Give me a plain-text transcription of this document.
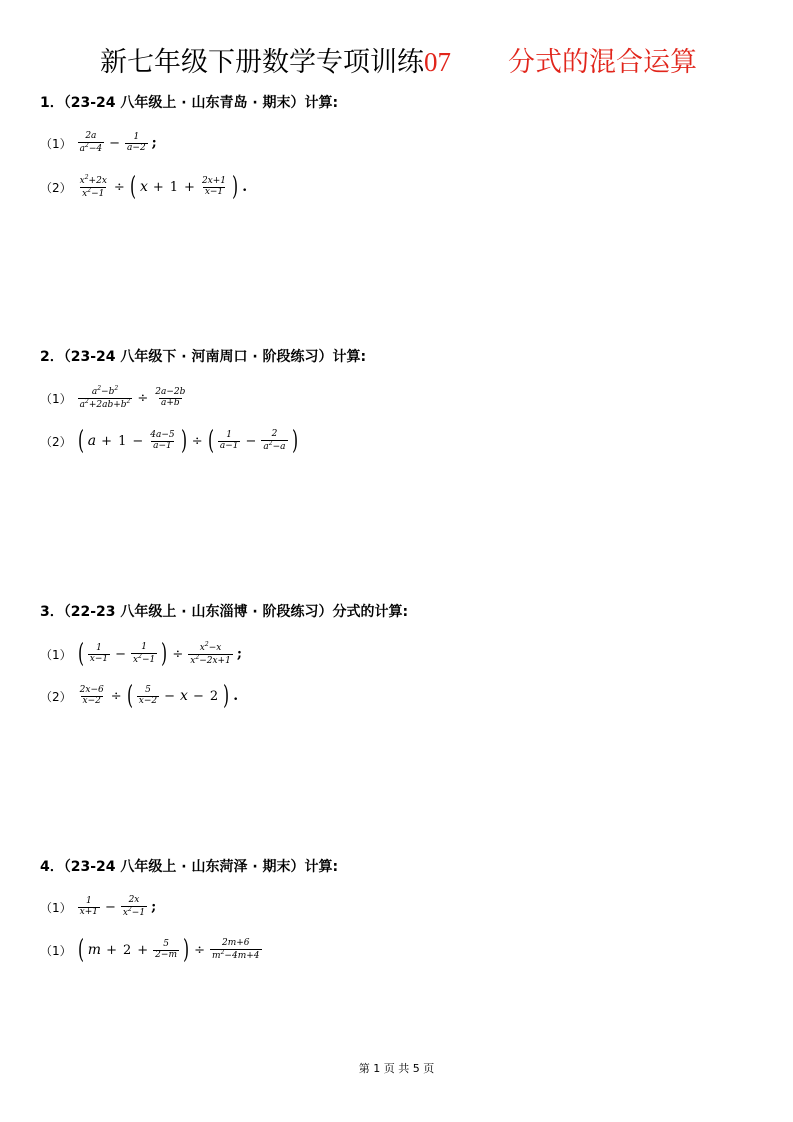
新七年级下册数学专项训练07 分式的混合运算
1．（23-24 八年级上 · 山东青岛 · 期末）计算:
$(1) \frac{2a}{a^2-4} - \frac{1}{a-2}$ ;
$(2) \frac{x^2+2x}{x^2-1}$ ÷ ( $x + 1 + \frac{2x+1}{x-1}$ ) .
2．（23-24 八年级下 · 河南周口 · 阶段练习）计算:
$(1) \frac{a^2-b^2}{a^2+2ab+b^2} \div \frac{2a-2b}{a+b}$
（2） ( $a + 1 - \frac{4a-5}{a-1}$ ) ÷ ( $\frac{1}{a-1} - \frac{2}{a^2-a}$ )
3．（22-23 八年级上 · 山东淄博 · 阶段练习）分式的计算:
（1） ( $\frac{1}{x-1} - \frac{1}{x^2-1}$ ) ÷ $\frac{x^2-x}{x^2-2x+1}$ ;
$(2) \frac{2x-6}{x-2}$ ÷ ( $\frac{5}{x-2} - x - 2$ ) .
4．（23-24 八年级上 · 山东菏泽 · 期末）计算:
$(1) \frac{1}{x+1} - \frac{2x}{x^2-1}$ ;
（1） ( $m + 2 + \frac{5}{2-m}$ ) ÷ $\frac{2m+6}{m^2-4m+4}$
第 1 页 共 5 页
